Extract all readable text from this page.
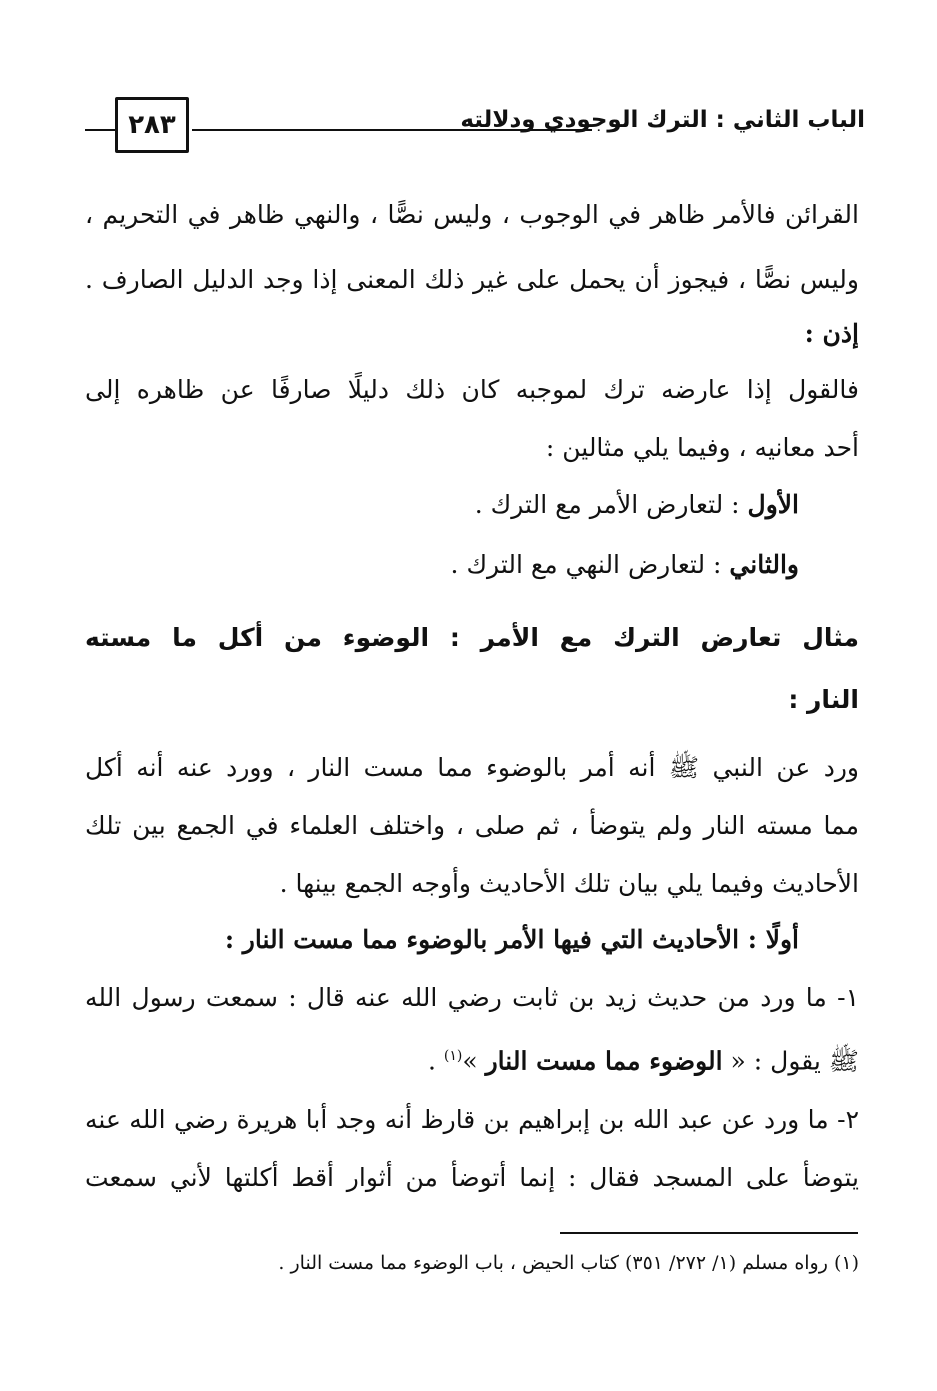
٢٨٣	الباب الثاني : الترك الوجودي ودلالته
القرائن فالأمر ظاهر في الوجوب ، وليس نصًّا ، والنهي ظاهر في التحريم ،
وليس نصًّا ، فيجوز أن يحمل على غير ذلك المعنى إذا وجد الدليل الصارف .
إذن :
فالقول إذا عارضه ترك لموجبه كان ذلك دليلًا صارفًا عن ظاهره إلى
أحد معانيه ، وفيما يلي مثالين :
الأول : لتعارض الأمر مع الترك .
والثاني : لتعارض النهي مع الترك .
مثال تعارض الترك مع الأمر : الوضوء من أكل ما مسته
النار :
ورد عن النبي ﷺ أنه أمر بالوضوء مما مست النار ، وورد عنه أنه أكل
مما مسته النار ولم يتوضأ ، ثم صلى ، واختلف العلماء في الجمع بين تلك
الأحاديث وفيما يلي بيان تلك الأحاديث وأوجه الجمع بينها .
أولًا : الأحاديث التي فيها الأمر بالوضوء مما مست النار :
١- ما ورد من حديث زيد بن ثابت رضي الله عنه قال : سمعت رسول الله
ﷺ يقول : « الوضوء مما مست النار »$^{(١)}$ .
٢- ما ورد عن عبد الله بن إبراهيم بن قارظ أنه وجد أبا هريرة رضي الله عنه
يتوضأ على المسجد فقال : إنما أتوضأ من أثوار أقط أكلتها لأني سمعت
(١) رواه مسلم (١/ ٢٧٢/ ٣٥١) كتاب الحيض ، باب الوضوء مما مست النار .
